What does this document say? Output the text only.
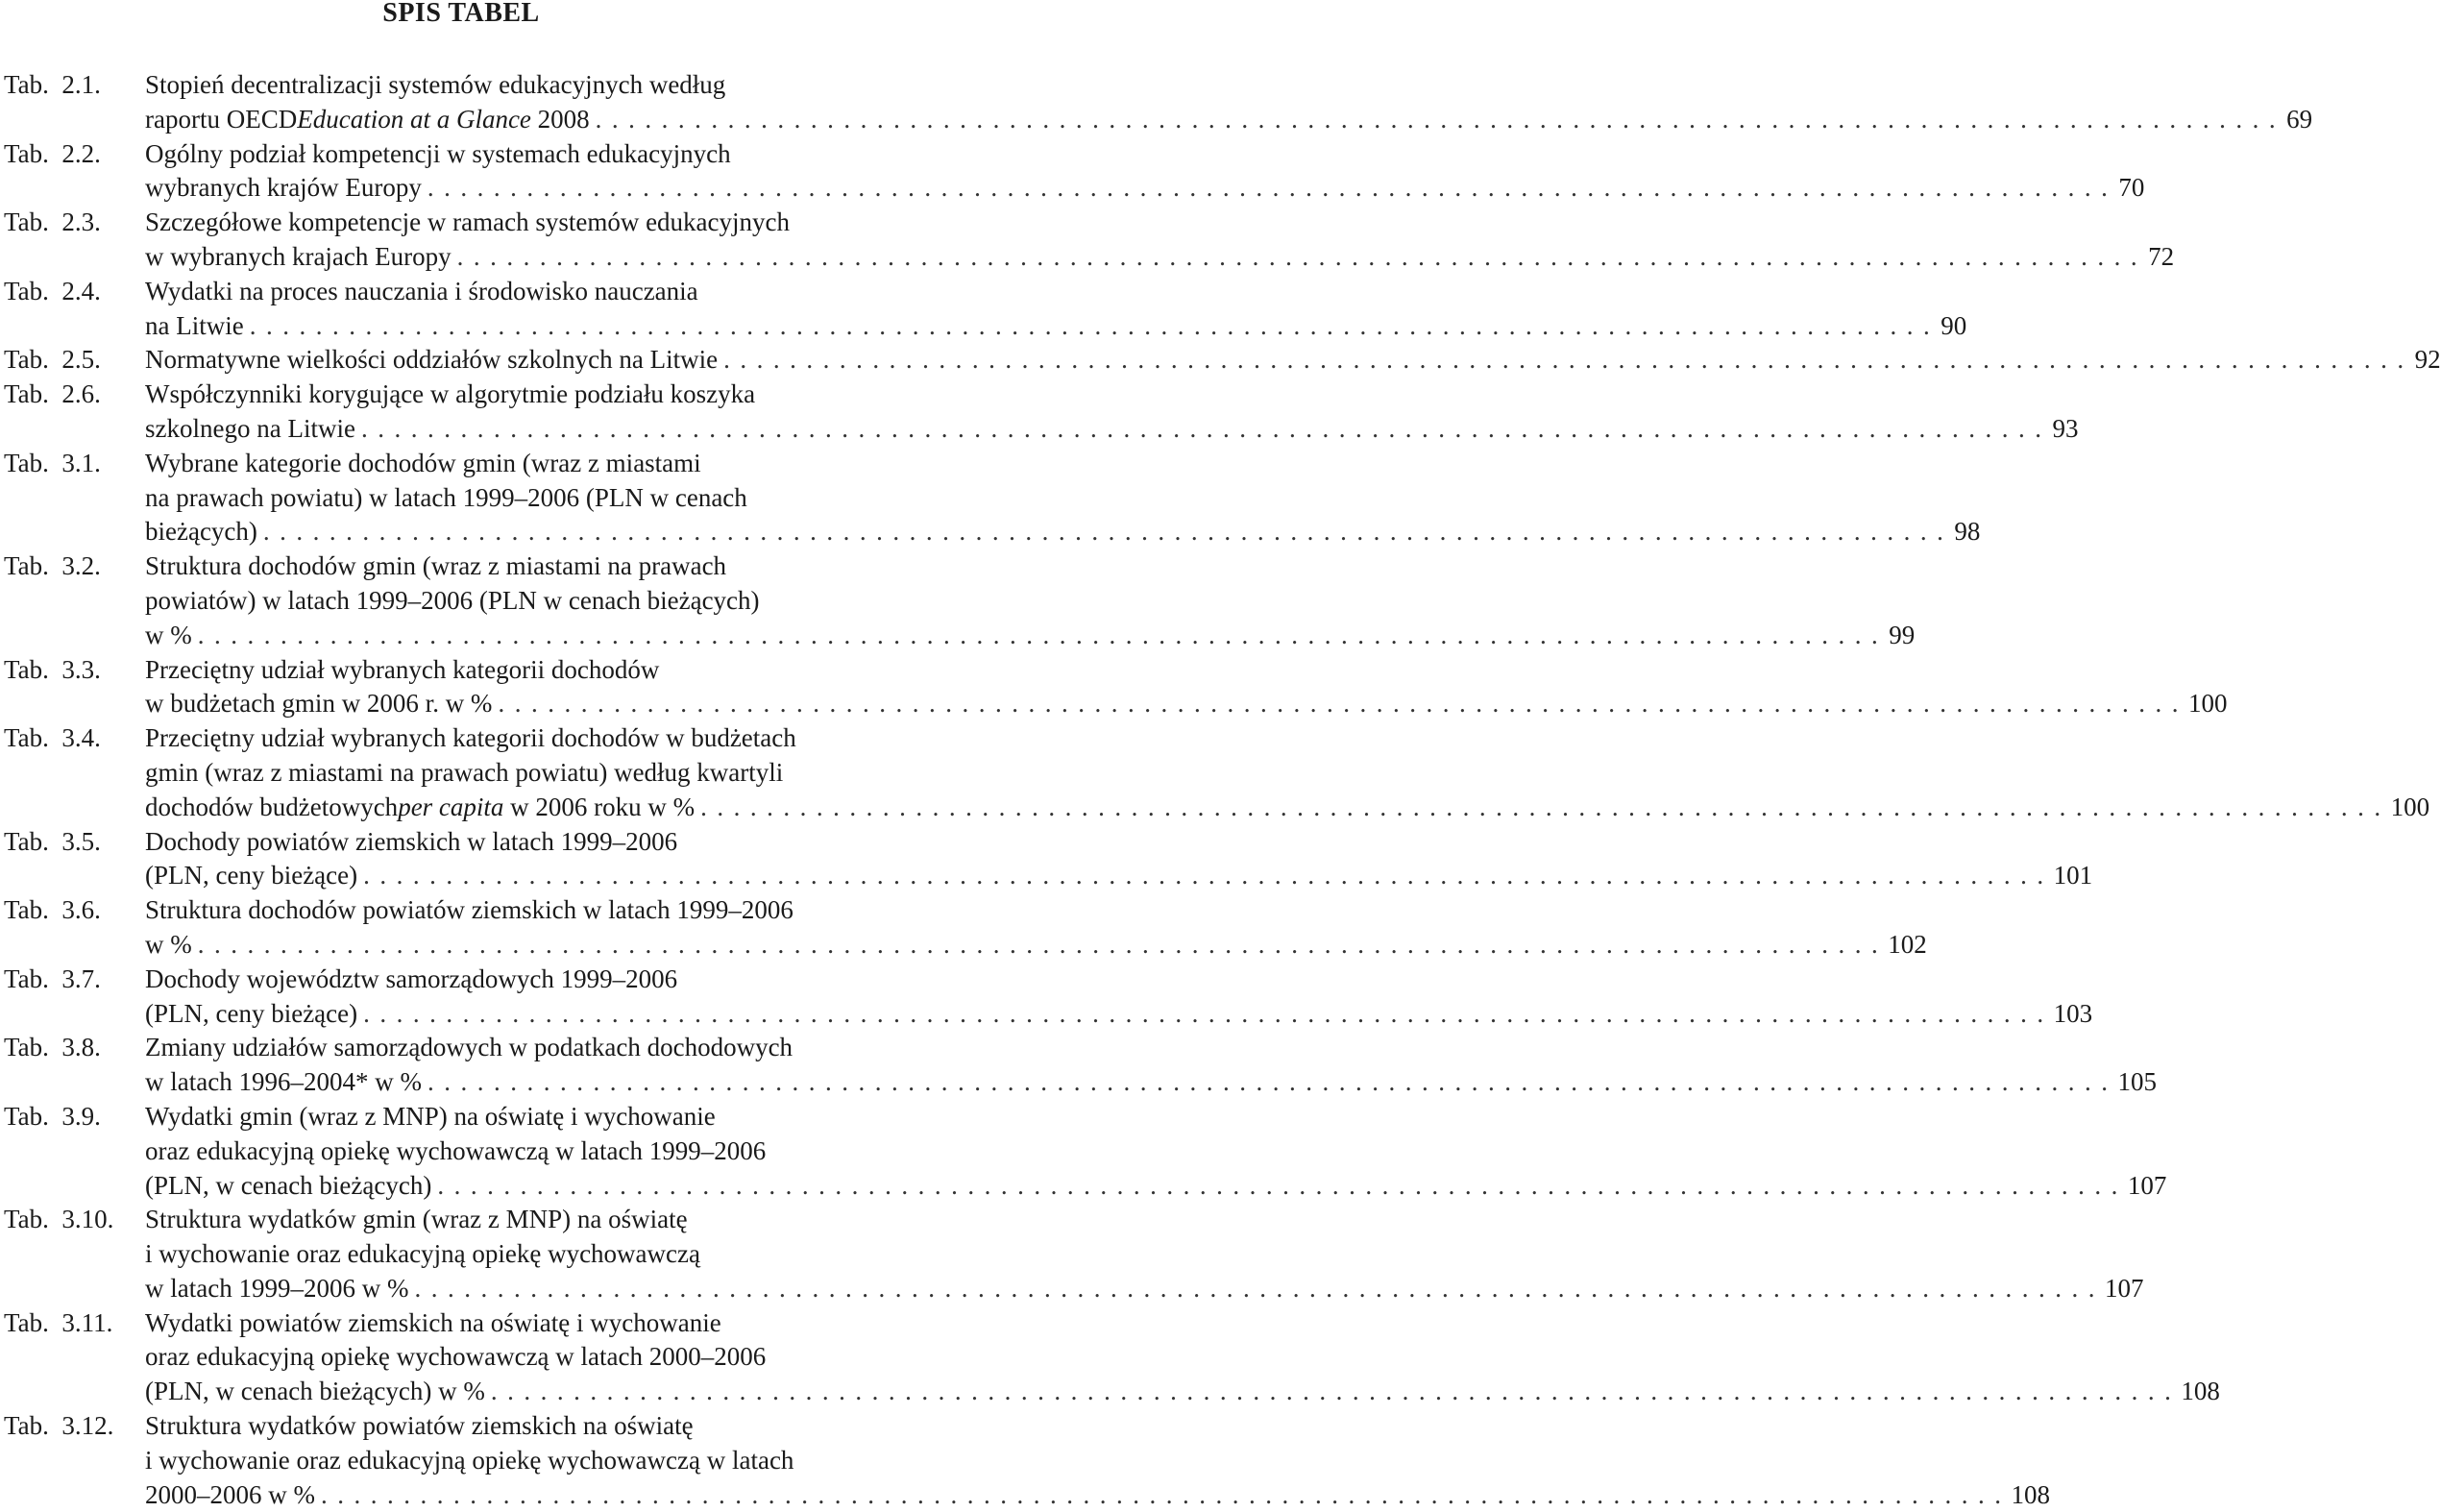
SPIS TABEL
Tab.  2.1. Stopień decentralizacji systemów edukacyjnych według
raportu OECD Education at a Glance 2008 ...................................................................................................... 69
Tab.  2.2. Ogólny podział kompetencji w systemach edukacyjnych
wybranych krajów Europy ...................................................................................................... 70
Tab.  2.3. Szczegółowe kompetencje w ramach systemów edukacyjnych
w wybranych krajach Europy ...................................................................................................... 72
Tab.  2.4. Wydatki na proces nauczania i środowisko nauczania
na Litwie ...................................................................................................... 90
Tab.  2.5. Normatywne wielkości oddziałów szkolnych na Litwie ...................................................................................................... 92
Tab.  2.6. Współczynniki korygujące w algorytmie podziału koszyka
szkolnego na Litwie ...................................................................................................... 93
Tab.  3.1. Wybrane kategorie dochodów gmin (wraz z miastami
na prawach powiatu) w latach 1999–2006 (PLN w cenach
bieżących) ...................................................................................................... 98
Tab.  3.2. Struktura dochodów gmin (wraz z miastami na prawach
powiatów) w latach 1999–2006 (PLN w cenach bieżących)
w % ...................................................................................................... 99
Tab.  3.3. Przeciętny udział wybranych kategorii dochodów
w budżetach gmin w 2006 r. w % ...................................................................................................... 100
Tab.  3.4. Przeciętny udział wybranych kategorii dochodów w budżetach
gmin (wraz z miastami na prawach powiatu) według kwartyli
dochodów budżetowych per capita w 2006 roku w % ...................................................................................................... 100
Tab.  3.5. Dochody powiatów ziemskich w latach 1999–2006
(PLN, ceny bieżące) ...................................................................................................... 101
Tab.  3.6. Struktura dochodów powiatów ziemskich w latach 1999–2006
w % ...................................................................................................... 102
Tab.  3.7. Dochody województw samorządowych 1999–2006
(PLN, ceny bieżące) ...................................................................................................... 103
Tab.  3.8. Zmiany udziałów samorządowych w podatkach dochodowych
w latach 1996–2004* w % ...................................................................................................... 105
Tab.  3.9. Wydatki gmin (wraz z MNP) na oświatę i wychowanie
oraz edukacyjną opiekę wychowawczą w latach 1999–2006
(PLN, w cenach bieżących) ...................................................................................................... 107
Tab.  3.10. Struktura wydatków gmin (wraz z MNP) na oświatę
i wychowanie oraz edukacyjną opiekę wychowawczą
w latach 1999–2006 w % ...................................................................................................... 107
Tab.  3.11. Wydatki powiatów ziemskich na oświatę i wychowanie
oraz edukacyjną opiekę wychowawczą w latach 2000–2006
(PLN, w cenach bieżących) w % ...................................................................................................... 108
Tab.  3.12. Struktura wydatków powiatów ziemskich na oświatę
i wychowanie oraz edukacyjną opiekę wychowawczą w latach
2000–2006 w % ...................................................................................................... 108
